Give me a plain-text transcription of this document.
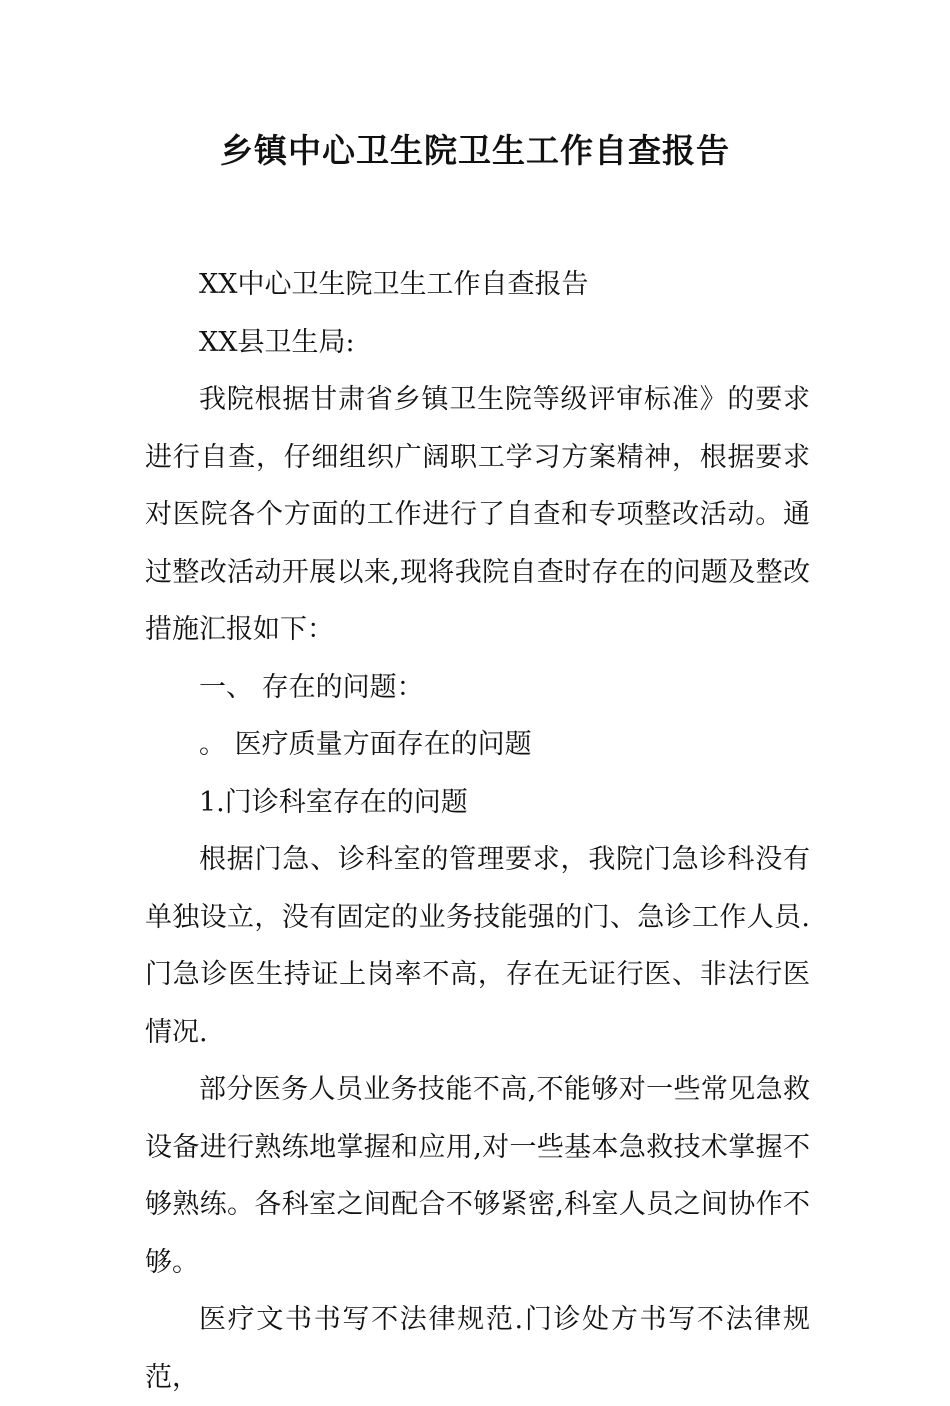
乡镇中心卫生院卫生工作自查报告

XX中心卫生院卫生工作自查报告

XX县卫生局:

我院根据甘肃省乡镇卫生院等级评审标准》的要求进行自查，仔细组织广阔职工学习方案精神，根据要求对医院各个方面的工作进行了自查和专项整改活动。通过整改活动开展以来,现将我院自查时存在的问题及整改措施汇报如下：

一、 存在的问题：

。 医疗质量方面存在的问题

1.门诊科室存在的问题

根据门急、诊科室的管理要求，我院门急诊科没有单独设立，没有固定的业务技能强的门、急诊工作人员.门急诊医生持证上岗率不高，存在无证行医、非法行医情况.

部分医务人员业务技能不高,不能够对一些常见急救设备进行熟练地掌握和应用,对一些基本急救技术掌握不够熟练。各科室之间配合不够紧密,科室人员之间协作不够。

医疗文书书写不法律规范.门诊处方书写不法律规范，
